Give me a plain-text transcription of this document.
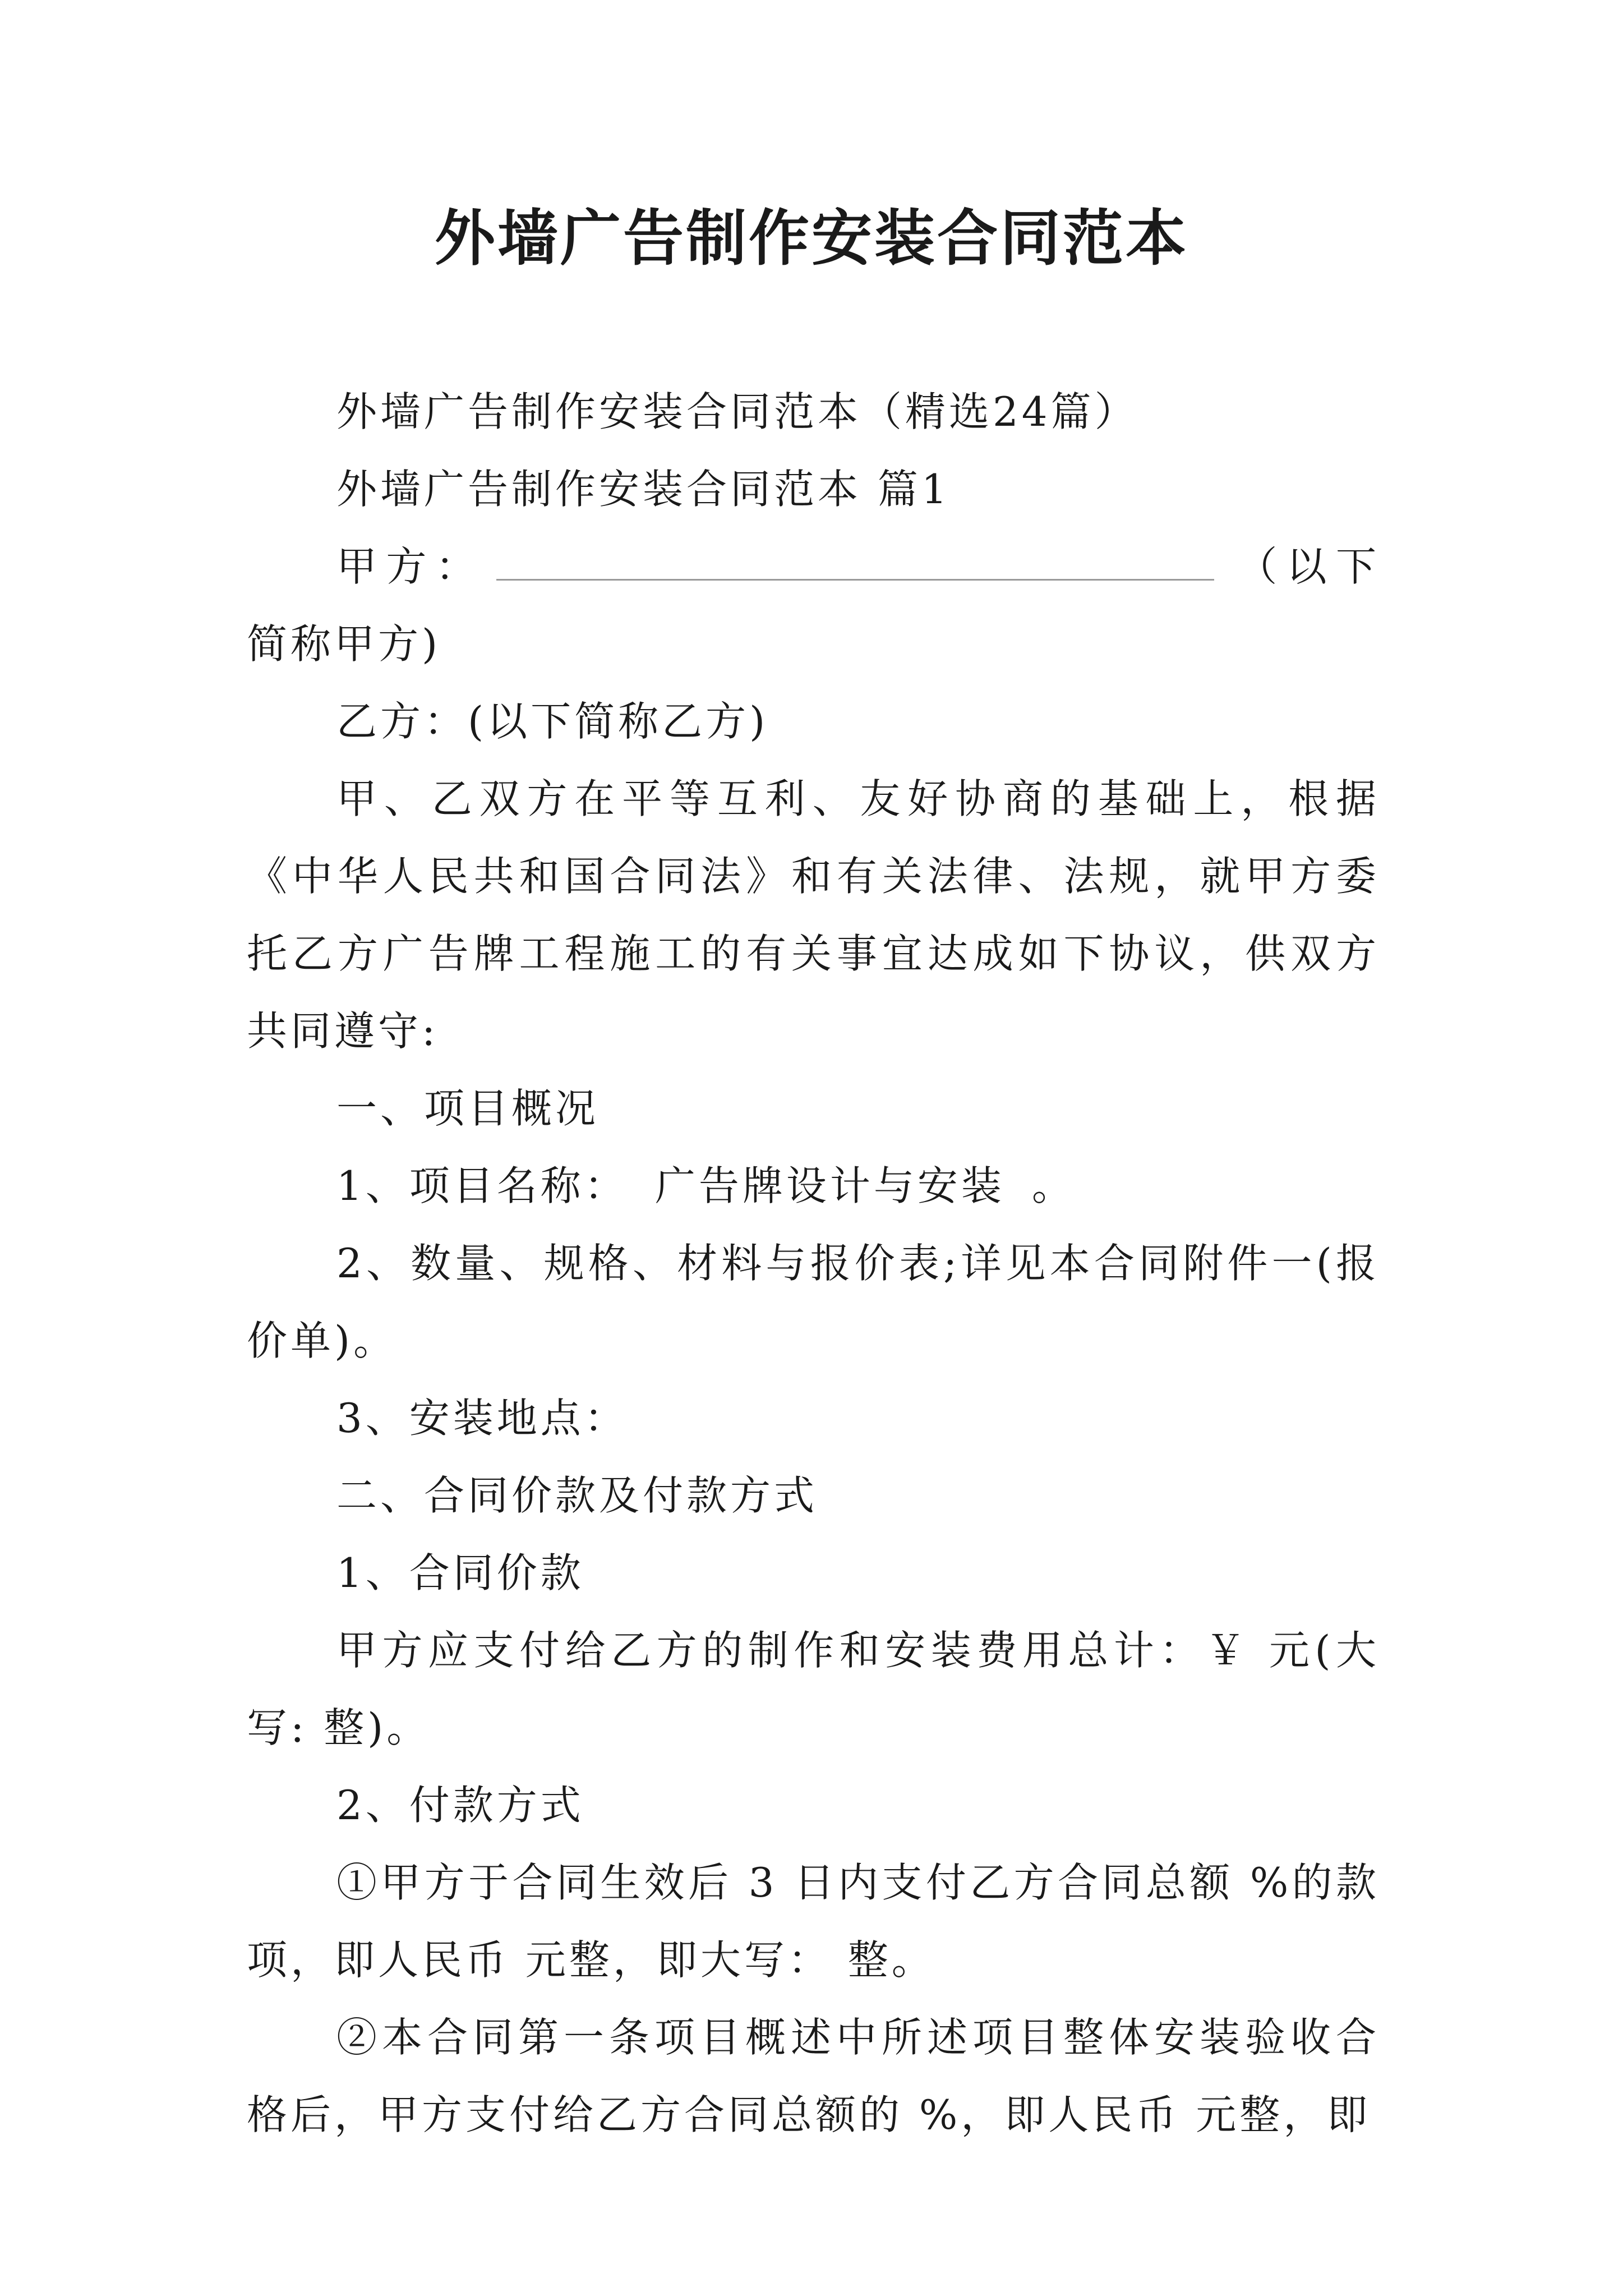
外墙广告制作安装合同范本

外墙广告制作安装合同范本（精选24篇）

外墙广告制作安装合同范本 篇1

甲方：	（以下简称甲方)

乙方：(以下简称乙方)

甲、乙双方在平等互利、友好协商的基础上，根据《中华人民共和国合同法》和有关法律、法规，就甲方委托乙方广告牌工程施工的有关事宜达成如下协议，供双方共同遵守:

一、项目概况

1、项目名称： 广告牌设计与安装 。

2、数量、规格、材料与报价表;详见本合同附件一(报价单)。

3、安装地点：

二、合同价款及付款方式

1、合同价款

甲方应支付给乙方的制作和安装费用总计：￥ 元(大写: 整)。

2、付款方式

①甲方于合同生效后 3 日内支付乙方合同总额 %的款项，即人民币 元整，即大写： 整。

②本合同第一条项目概述中所述项目整体安装验收合格后，甲方支付给乙方合同总额的 %，即人民币 元整，即
